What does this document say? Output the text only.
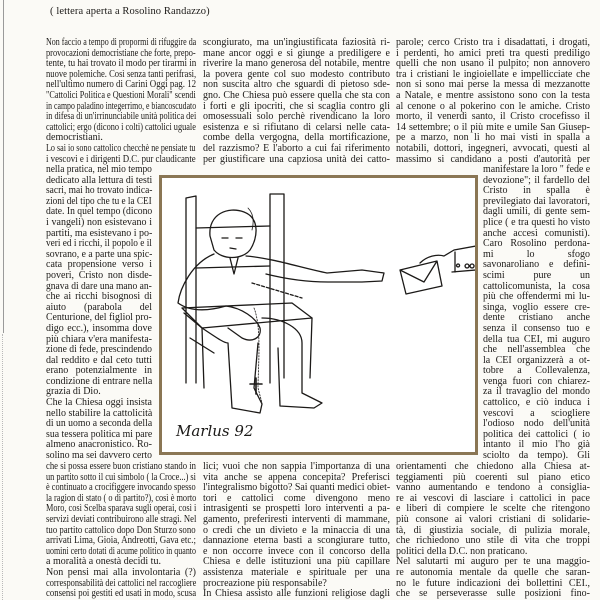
( lettera aperta a Rosolino Randazzo)
Non faccio a tempo di propormi di rifuggire da
provocazioni democristiane che forte, prepo-
tente, tu hai trovato il modo per tirarmi in
nuove polemiche. Così senza tanti perifrasi,
nell'ultimo numero di Carini Oggi pag. 12
"Cattolici Politica e Questioni Morali" scendi
in campo paladino integerrimo, e biancoscudato
in difesa di un'irrinunciabile unità politica dei
cattolici; ergo (dicono i colti) cattolici uguale
democristiani.
Lo sai io sono cattolico checchè ne pensiate tu
i vescovi e i dirigenti D.C. pur claudicante
nella pratica, nel mio tempo
dedicato alla lettura di testi
sacri, mai ho trovato indica-
zioni del tipo che tu e la CEI
date. In quel tempo (dicono
i vangeli) non esistevano i
partiti, ma esistevano i po-
veri ed i ricchi, il popolo e il
sovrano, e a parte una spic-
cata propensione verso i
poveri, Cristo non disde-
gnava di dare una mano an-
che ai ricchi bisognosi di
aiuto (parabola del
Centurione, del figliol pro-
digo ecc.), insomma dove
più chiara v'era manifesta-
zione di fede, prescindendo
dal reddito e dal ceto tutti
erano potenzialmente in
condizione di entrare nella
grazia di Dio.
Che la Chiesa oggi insista
nello stabilire la cattolicità
di un uomo a seconda della
sua tessera politica mi pare
almeno anacronistico. Ro-
solino ma sei davvero certo
che si possa essere buon cristiano stando in
un partito sotto il cui simbolo ( la Croce...) si
è continuato a crocifiggere invocando spesso
la ragion di stato ( o di partito?), così è morto
Moro, così Scelba sparava sugli operai, così i
servizi deviati contribuirono alle stragi. Nel
tuo partito cattolico dopo Don Sturzo sono
arrivati Lima, Gioia, Andreotti, Gava etc.;
uomini certo dotati di acume politico in quanto
a moralità a onestà decidi tu.
Non pensi mai alla involontaria (?)
corresponsabilità dei cattolici nel raccogliere
consensi poi gestiti ed usati in modo, scusa
scongiurato, ma un'ingiustificata faziosità ri-
mane ancor oggi e si giunge a prediligere e
riverire la mano generosa del notabile, mentre
la povera gente col suo modesto contributo
non suscita altro che sguardi di pietoso sde-
gno. Che Chiesa può essere quella che sta con
i forti e gli ipocriti, che si scaglia contro gli
omosessuali solo perchè rivendicano la loro
esistenza e si rifiutano di celarsi nelle cata-
combe della vergogna, della mortificazione,
del razzismo? E l'aborto a cui fai riferimento
per giustificare una capziosa unità dei catto-
lici; vuoi che non sappia l'importanza di una
vita anche se appena concepita? Preferisci
l'integralismo bigotto? Sai quanti medici obiet-
tori e cattolici come divengono meno
intrasigenti se prospetti loro interventi a pa-
gamento, preferiresti interventi di mammane,
o credi che un divieto e la minaccia di una
dannazione eterna basti a scongiurare tutto,
e non occorre invece con il concorso della
Chiesa e delle istituzioni una più capillare
assistenza materiale e spirituale per una
procreazione più responsabile?
In Chiesa assisto alle funzioni religiose dagli
parole; cerco Cristo tra i disadattati, i drogati,
i perdenti, ho amici preti tra questi prediligo
quelli che non usano il pulpito; non annovero
tra i cristiani le ingioiellate e impellicciate che
non si sono mai perse la messa di mezzanotte
a Natale, e mentre assistono sono con la testa
al cenone o al pokerino con le amiche. Cristo
morto, il venerdì santo, il Cristo crocefisso il
14 settembre; o il più mite e umile San Giusep-
pe a marzo, non li ho mai visti in spalla a
notabili, dottori, ingegneri, avvocati, questi al
massimo si candidano a posti d'autorità per
manifestare la loro " fede e
devozione"; il fardello del
Cristo in spalla è
previlegiato dai lavoratori,
dagli umili, di gente sem-
plice ( e tra questi ho visto
anche accesi comunisti).
Caro Rosolino perdona-
mi lo sfogo
savonaroliano e defini-
scimi pure un
cattolicomunista, la cosa
più che offendermi mi lu-
singa, voglio essere cre-
dente cristiano anche
senza il consenso tuo e
della tua CEI, mi auguro
che nell'assemblea che
la CEI organizzerà a ot-
tobre a Collevalenza,
venga fuori con chiarez-
za il travaglio del mondo
cattolico, e ciò induca i
vescovi a sciogliere
l'odioso nodo dell'unità
politica dei cattolici ( io
intanto il mio l'ho già
sciolto da tempo). Gli
orientamenti che chiedono alla Chiesa at-
teggiamenti più coerenti sul piano etico
vanno aumentando e tendono a consiglia-
re ai vescovi di lasciare i cattolici in pace
e liberi di compiere le scelte che ritengono
più consone ai valori cristiani di solidarie-
tà, di giustizia sociale, di pulizia morale,
che richiedono uno stile di vita che troppi
politici della D.C. non praticano.
Nel salutarti mi auguro per te una maggio-
re autonomia mentale da quelle che saran-
no le future indicazioni dei bollettini CEI.,
che se perseverasse sulle posizioni fino-
Marlus 92
